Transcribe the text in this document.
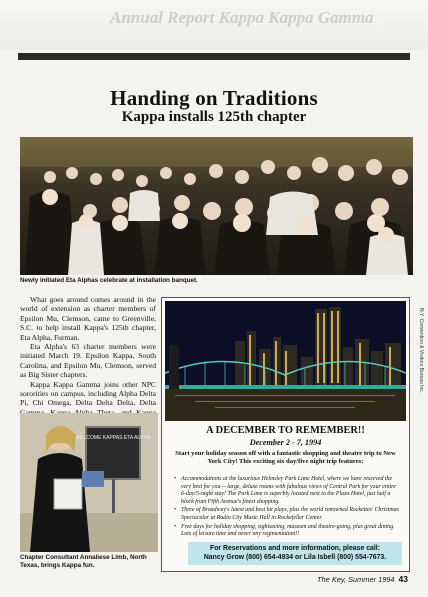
Annual Report Kappa Kappa Gamma
Handing on Traditions
Kappa installs 125th chapter
Newly initiated Eta Alphas celebrate at installation banquet.

What goes around comes around in the world of extension as charter members of Epsilon Mu, Clemson, came to Greenville, S.C. to help install Kappa's 125th chapter, Eta Alpha, Furman.

Eta Alpha's 63 charter members were initiated March 19. Epsilon Kappa, South Carolina, and Epsilon Mu, Clemson, served as Big Sister chapters.

Kappa Kappa Gamma joins other NPC sororities on campus, including Alpha Delta Pi, Chi Omega, Delta Delta Delta, Delta

WELCOME KAPPAS ETA ALPHA
Chapter Consultant Annaliese Limb, North Texas, brings Kappa fun.
N.Y. Convention & Visitors Bureau Inc.
A DECEMBER TO REMEMBER!!
December 2 - 7, 1994
Start your holiday season off with a fantastic shopping and theatre trip to New York City! This exciting six day/five night trip features:
• Accommodations at the luxurious Helmsley Park Lane Hotel, where we have reserved the very best for you -- large, deluxe rooms with fabulous views of Central Park for your entire 6-day/5-night stay! The Park Lane is superbly located next to the Plaza Hotel, just half a block from Fifth Avenue's finest shopping.
• Three of Broadway's latest and best hit plays, plus the world renowned Rockettes' Christmas Spectacular at Radio City Music Hall in Rockefeller Center.
• Free days for holiday shopping, sightseeing, museum and theatre-going, plus great dining. Lots of leisure time and never any regimentation!!
For Reservations and more information, please call:
Nancy Grow (800) 654-4934 or Lila Isbell (800) 554-7673.
The Key, Summer 1994 43
